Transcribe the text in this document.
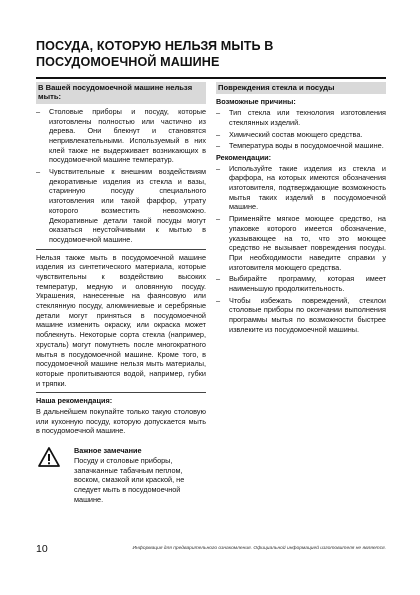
ПОСУДА, КОТОРУЮ НЕЛЬЗЯ МЫТЬ В ПОСУДОМОЕЧНОЙ МАШИНЕ
В Вашей посудомоечной машине нельзя мыть:
– Столовые приборы и посуду, которые изготовлены полностью или частично из дерева. Они блекнут и становятся непривлекательными. Используемый в них клей также не выдерживает возникающих в посудомоечной машине температур.
– Чувствительные к внешним воздействиям декоративные изделия из стекла и вазы, старинную посуду специального изготовления или такой фарфор, утрату которого возместить невозможно. Декоративные детали такой посуды могут оказаться неустойчивыми к мытью в посудомоечной машине.

Нельзя также мыть в посудомоечной машине изделия из синтетического материала, которые чувствительны к воздействию высоких температур, медную и оловянную посуду. Украшения, нанесенные на фаянсовую или стеклянную посуду, алюминиевые и серебряные детали могут приняться в посудомоечной машине изменить окраску, или окраска может поблекнуть. Некоторые сорта стекла (например, хрусталь) могут помутнеть после многократного мытья в посудомоечной машине. Кроме того, в посудомоечной машине нельзя мыть материалы, которые пропитываются водой, например, губки и тряпки.

Наша рекомендация:

В дальнейшем покупайте только такую столовую или кухонную посуду, которую допускается мыть в посудомоечной машине.

Важное замечание
Посуду и столовые приборы, запачканные табачным пеплом, воском, смазкой или краской, не следует мыть в посудомоечной машине.
Повреждения стекла и посуды
Возможные причины:
– Тип стекла или технология изготовления стеклянных изделий.
– Химический состав моющего средства.
– Температура воды в посудомоечной машине.
Рекомендации:
– Используйте такие изделия из стекла и фарфора, на которых имеются обозначения изготовителя, подтверждающие возможность мытья таких изделий в посудомоечной машине.
– Применяйте мягкое моющее средство, на упаковке которого имеется обозначение, указывающее на то, что это моющее средство не вызывает повреждения посуды. При необходимости наведите справки у изготовителя моющего средства.
– Выбирайте программу, которая имеет наименьшую продолжительность.
– Чтобы избежать повреждений, стеклои столовые приборы по окончании выполнения программы мытья по возможности быстрее извлеките из посудомоечной машины.
10	Информация для предварительного ознакомления. Официальной информацией изготовителя не является.
